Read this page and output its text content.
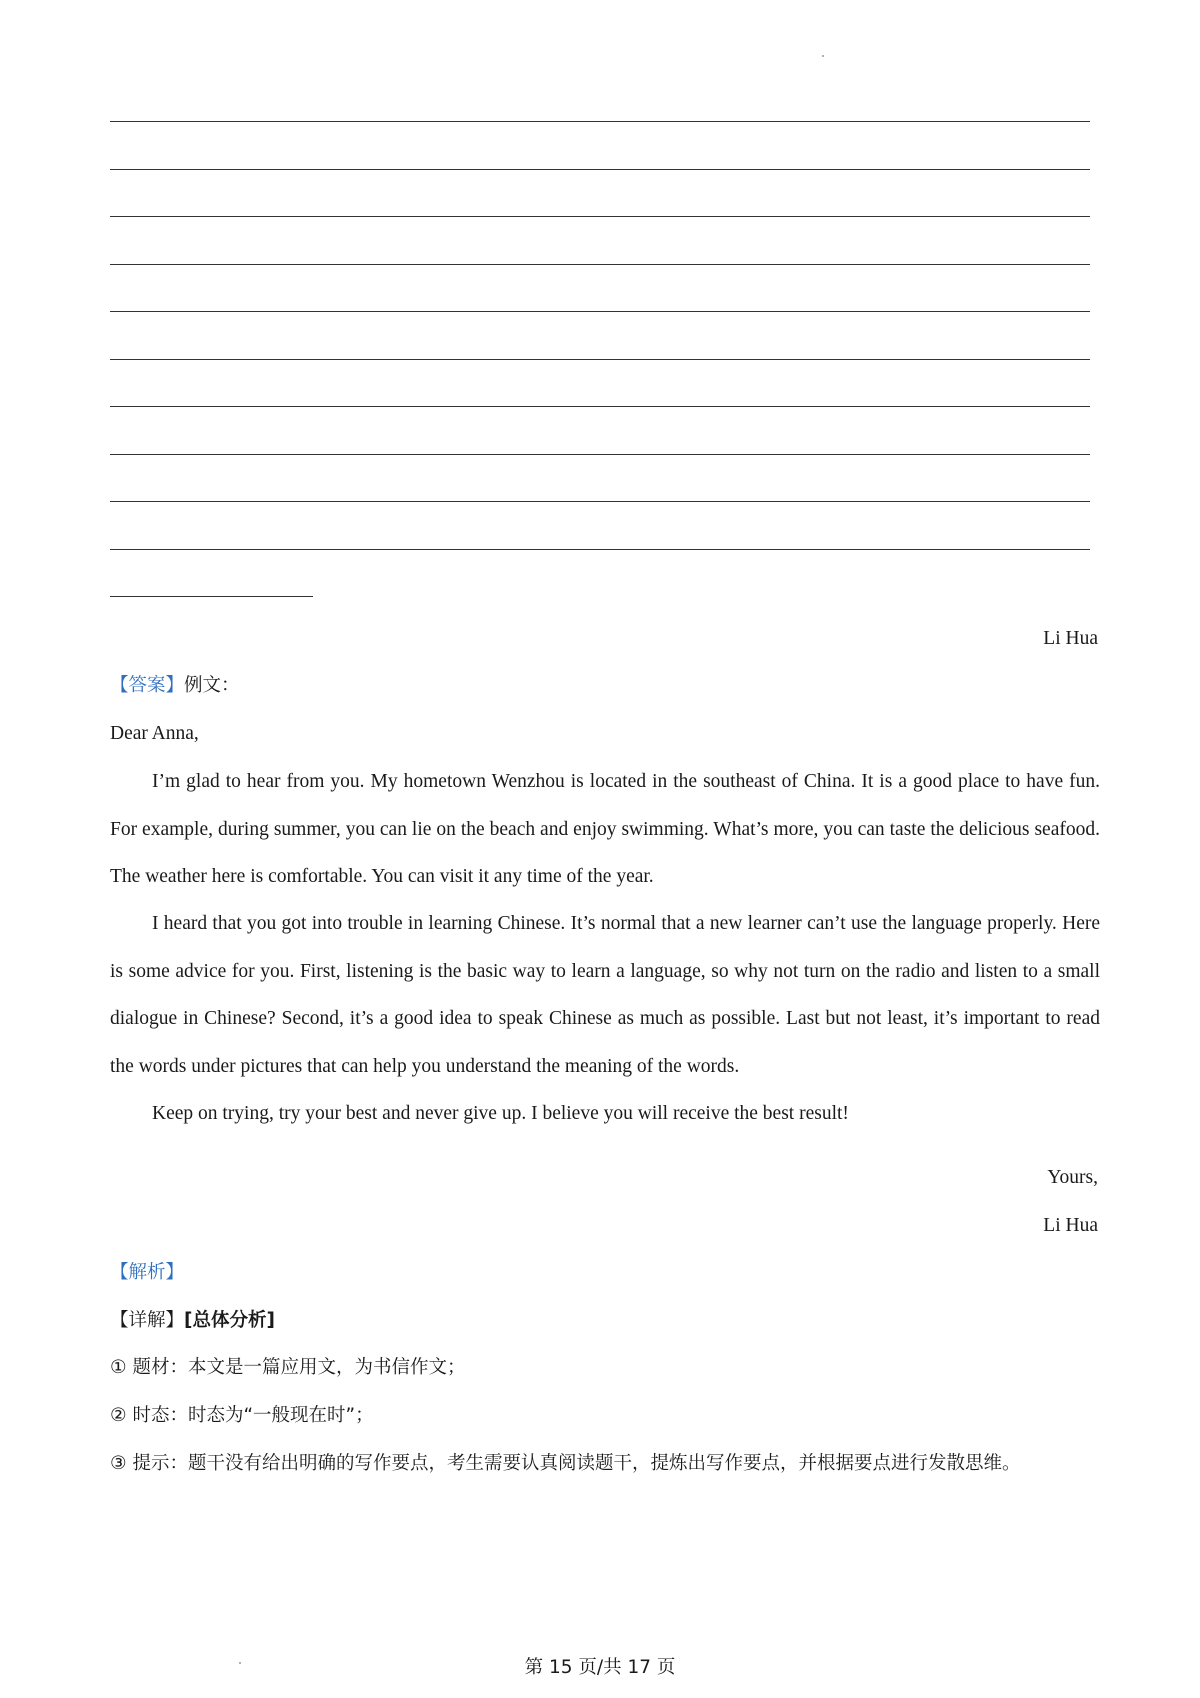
Li Hua
【答案】例文：
Dear Anna,

I’m glad to hear from you. My hometown Wenzhou is located in the southeast of China. It is a good place to have fun. For example, during summer, you can lie on the beach and enjoy swimming. What’s more, you can taste the delicious seafood. The weather here is comfortable. You can visit it any time of the year.

I heard that you got into trouble in learning Chinese. It’s normal that a new learner can’t use the language properly. Here is some advice for you. First, listening is the basic way to learn a language, so why not turn on the radio and listen to a small dialogue in Chinese? Second, it’s a good idea to speak Chinese as much as possible. Last but not least, it’s important to read the words under pictures that can help you understand the meaning of the words.

Keep on trying, try your best and never give up. I believe you will receive the best result!

Yours,
Li Hua
【解析】
【详解】[总体分析]
① 题材：本文是一篇应用文，为书信作文；
② 时态：时态为“一般现在时”；

③ 提示：题干没有给出明确的写作要点，考生需要认真阅读题干，提炼出写作要点，并根据要点进行发散思维。

第 15 页/共 17 页
